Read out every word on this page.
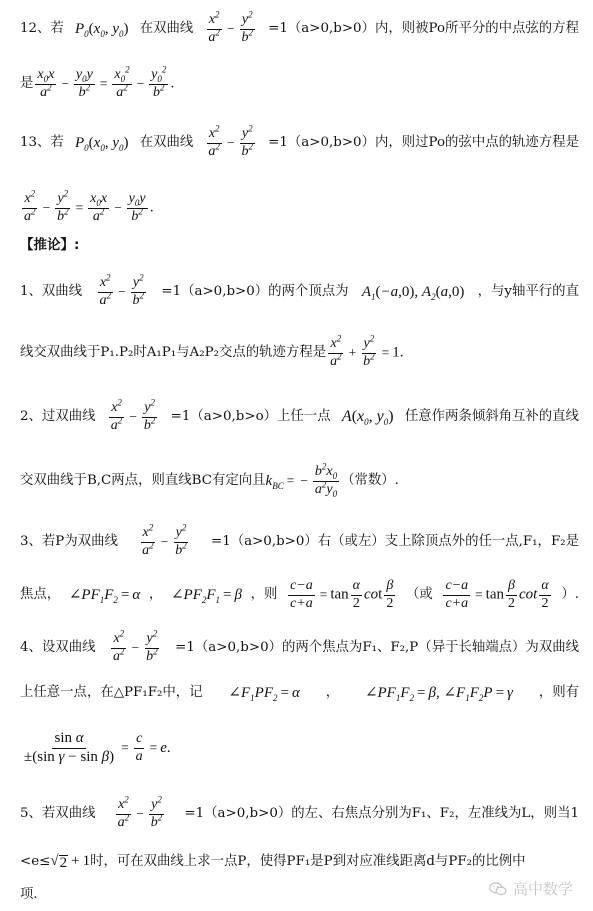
12、若 $P_0(x_0$, $y_0$) 在双曲线 $\frac{x^2}{a^2} - \frac{y^2}{b^2} =1(a>0,b>0)$内，则被Po所平分的中点弦的方程
是 $\frac{x_0x}{a^2} - \frac{y_0y}{b^2} = \frac{x_0^2}{a^2} - \frac{y_0^2}{b^2}$ .
13、若 $P_0(x_0$, $y_0$) 在双曲线 $\frac{x^2}{a^2} - \frac{y^2}{b^2} =1(a>0,b>0)$内，则过Po的弦中点的轨迹方程是
$\frac{x^2}{a^2} - \frac{y^2}{b^2} = \frac{x_0x}{a^2} - \frac{y_0y}{b^2}$ .
【推论】:
1、双曲线 $\frac{x^2}{a^2} - \frac{y^2}{b^2} =1(a>0,b>0)$的两个顶点为 $A_1(-a,0)$, $A_2(a,0)$ ，与y轴平行的直
线交双曲线于P₁.P₂时A₁P₁与A₂P₂交点的轨迹方程是 $\frac{x^2}{a^2} + \frac{y^2}{b^2} = 1$.
2、过双曲线 $\frac{x^2}{a^2} - \frac{y^2}{b^2} =1(a>0,b>o)$上任一点 $A(x_0$, $y_0$) 任意作两条倾斜角互补的直线
交双曲线于B,C两点，则直线BC有定向且 $k_{BC}$ = − $\frac{b^2x_0}{a^2y_0}$ （常数）.
3、若P为双曲线 $\frac{x^2}{a^2} - \frac{y^2}{b^2} =1(a>0,b>0)$右（或左）支上除顶点外的任一点,F₁，F₂是
焦点， $\angle PF_1F_2 = \alpha$ ， $\angle PF_2F_1 = \beta$ ，则 $\frac{c-a}{c+a} = \tan \frac{\alpha}{2}$ $\cot \frac{\beta}{2}$ （或 $\frac{c-a}{c+a} = \tan \frac{\beta}{2}$ $\cot \frac{\alpha}{2}$ ）.
4、设双曲线 $\frac{x^2}{a^2} - \frac{y^2}{b^2} =1(a>0,b>0)$的两个焦点为F₁、F₂,P（异于长轴端点）为双曲线
上任意一点，在△PF₁F₂中，记 $\angle F_1PF_2 = \alpha$ ， $\angle PF_1F_2 = \beta$, $\angle F_1F_2P = \gamma$ ，则有
$\frac{\text{sin α}}{\text{±(sin γ − sin β)}} = \frac{c}{a} = e$.
5、若双曲线 $\frac{x^2}{a^2} - \frac{y^2}{b^2} =1(a>0,b>0)$的左、右焦点分别为F₁、F₂，左准线为L，则当1
<e≤ √ 2 + 1 时，可在双曲线上求一点P，使得PF₁是P到对应准线距离d与PF₂的比例中
项.	高中数学
